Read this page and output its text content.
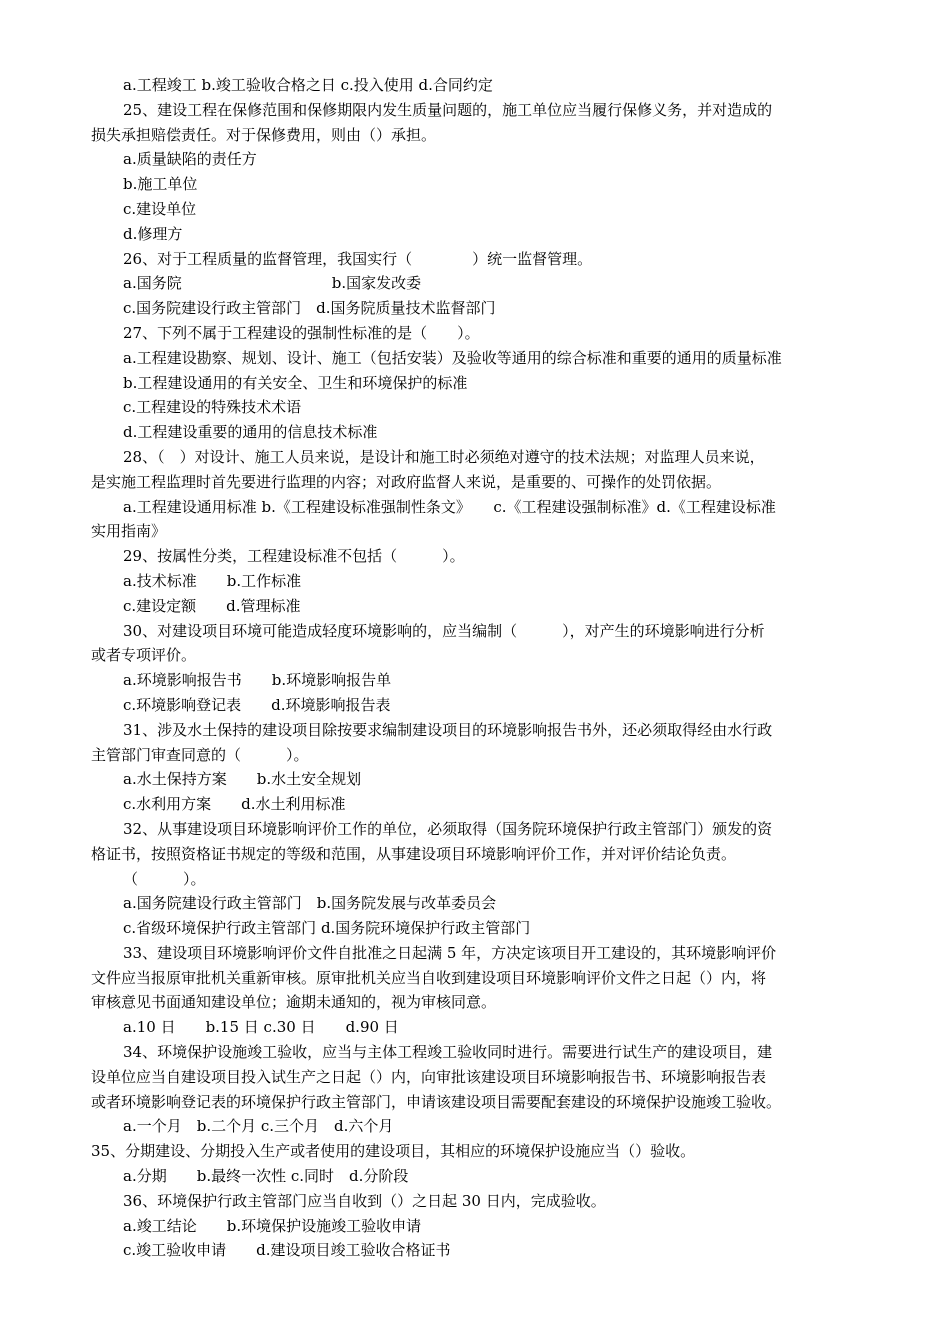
a.工程竣工 b.竣工验收合格之日 c.投入使用 d.合同约定
25、建设工程在保修范围和保修期限内发生质量问题的，施工单位应当履行保修义务，并对造成的
损失承担赔偿责任。对于保修费用，则由（）承担。
a.质量缺陷的责任方
b.施工单位
c.建设单位
d.修理方
26、对于工程质量的监督管理，我国实行（　　　　）统一监督管理。
a.国务院　　　　　　　　　　b.国家发改委
c.国务院建设行政主管部门　d.国务院质量技术监督部门
27、下列不属于工程建设的强制性标准的是（　　）。
a.工程建设勘察、规划、设计、施工（包括安装）及验收等通用的综合标准和重要的通用的质量标准
b.工程建设通用的有关安全、卫生和环境保护的标准
c.工程建设的特殊技术术语
d.工程建设重要的通用的信息技术标准
28、（　）对设计、施工人员来说，是设计和施工时必须绝对遵守的技术法规；对监理人员来说，
是实施工程监理时首先要进行监理的内容；对政府监督人来说，是重要的、可操作的处罚依据。
a.工程建设通用标准 b.《工程建设标准强制性条文》　　c.《工程建设强制标准》d.《工程建设标准
实用指南》
29、按属性分类，工程建设标准不包括（　　　）。
a.技术标准　　b.工作标准
c.建设定额　　d.管理标准
30、对建设项目环境可能造成轻度环境影响的，应当编制（　　　），对产生的环境影响进行分析
或者专项评价。
a.环境影响报告书　　b.环境影响报告单
c.环境影响登记表　　d.环境影响报告表
31、涉及水土保持的建设项目除按要求编制建设项目的环境影响报告书外，还必须取得经由水行政
主管部门审查同意的（　　　）。
a.水土保持方案　　b.水土安全规划
c.水利用方案　　d.水土利用标准
32、从事建设项目环境影响评价工作的单位，必须取得（国务院环境保护行政主管部门）颁发的资
格证书，按照资格证书规定的等级和范围，从事建设项目环境影响评价工作，并对评价结论负责。
（　　　）。
a.国务院建设行政主管部门　b.国务院发展与改革委员会
c.省级环境保护行政主管部门 d.国务院环境保护行政主管部门
33、建设项目环境影响评价文件自批准之日起满 5 年，方决定该项目开工建设的，其环境影响评价
文件应当报原审批机关重新审核。原审批机关应当自收到建设项目环境影响评价文件之日起（）内，将
审核意见书面通知建设单位；逾期未通知的，视为审核同意。
a.10 日　　b.15 日 c.30 日　　d.90 日
34、环境保护设施竣工验收，应当与主体工程竣工验收同时进行。需要进行试生产的建设项目，建
设单位应当自建设项目投入试生产之日起（）内，向审批该建设项目环境影响报告书、环境影响报告表
或者环境影响登记表的环境保护行政主管部门，申请该建设项目需要配套建设的环境保护设施竣工验收。
a.一个月　b.二个月 c.三个月　d.六个月
35、分期建设、分期投入生产或者使用的建设项目，其相应的环境保护设施应当（）验收。
a.分期　　b.最终一次性 c.同时　d.分阶段
36、环境保护行政主管部门应当自收到（）之日起 30 日内，完成验收。
a.竣工结论　　b.环境保护设施竣工验收申请
c.竣工验收申请　　d.建设项目竣工验收合格证书
